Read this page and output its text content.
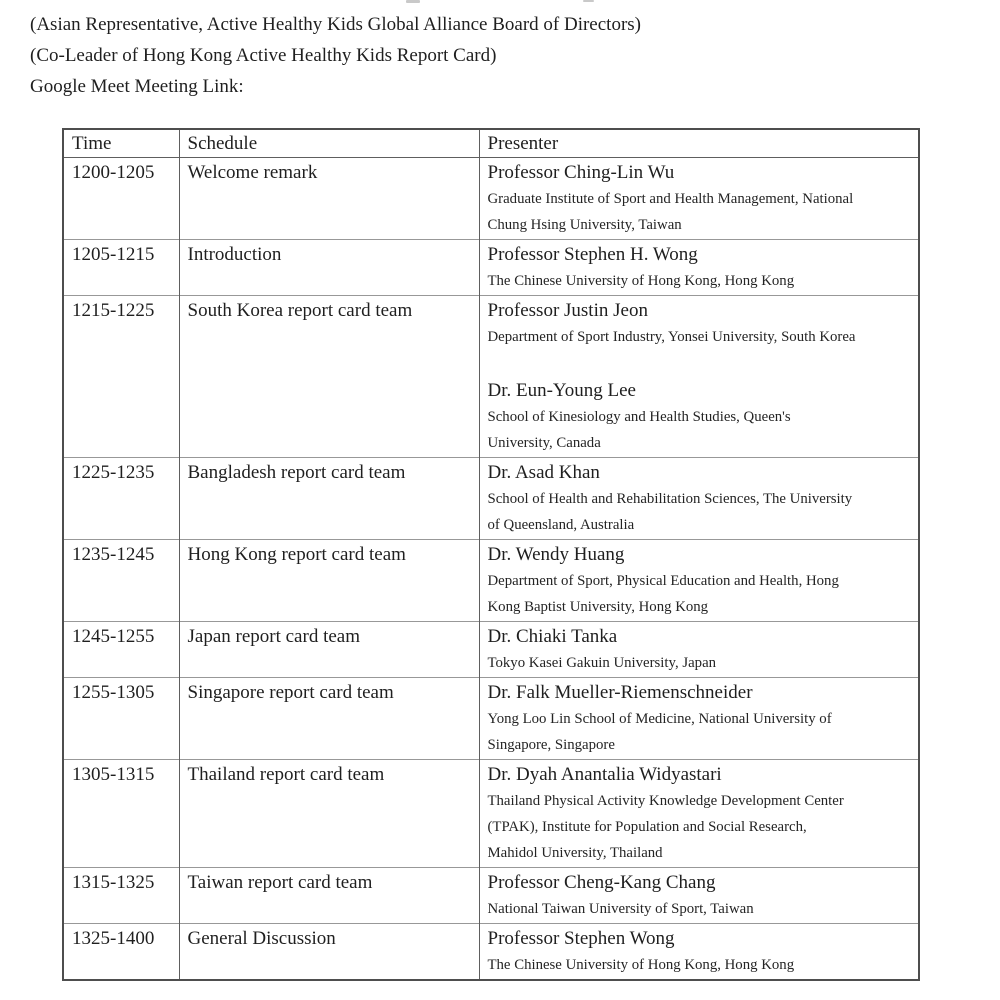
(Asian Representative, Active Healthy Kids Global Alliance Board of Directors)
(Co-Leader of Hong Kong Active Healthy Kids Report Card)
Google Meet Meeting Link:
Time	Schedule	Presenter
1200-1205	Welcome remark	Professor Ching-Lin Wu
Graduate Institute of Sport and Health Management, National
Chung Hsing University, Taiwan

1205-1215	Introduction	Professor Stephen H. Wong
The Chinese University of Hong Kong, Hong Kong

1215-1225	South Korea report card team	Professor Justin Jeon
Department of Sport Industry, Yonsei University, South Korea
Dr. Eun-Young Lee
School of Kinesiology and Health Studies, Queen's
University, Canada

1225-1235	Bangladesh report card team	Dr. Asad Khan
School of Health and Rehabilitation Sciences, The University
of Queensland, Australia

1235-1245	Hong Kong report card team	Dr. Wendy Huang
Department of Sport, Physical Education and Health, Hong
Kong Baptist University, Hong Kong

1245-1255	Japan report card team	Dr. Chiaki Tanka
Tokyo Kasei Gakuin University, Japan

1255-1305	Singapore report card team	Dr. Falk Mueller-Riemenschneider
Yong Loo Lin School of Medicine, National University of
Singapore, Singapore

1305-1315	Thailand report card team	Dr. Dyah Anantalia Widyastari
Thailand Physical Activity Knowledge Development Center
(TPAK), Institute for Population and Social Research,
Mahidol University, Thailand

1315-1325	Taiwan report card team	Professor Cheng-Kang Chang
National Taiwan University of Sport, Taiwan

1325-1400	General Discussion	Professor Stephen Wong
The Chinese University of Hong Kong, Hong Kong
